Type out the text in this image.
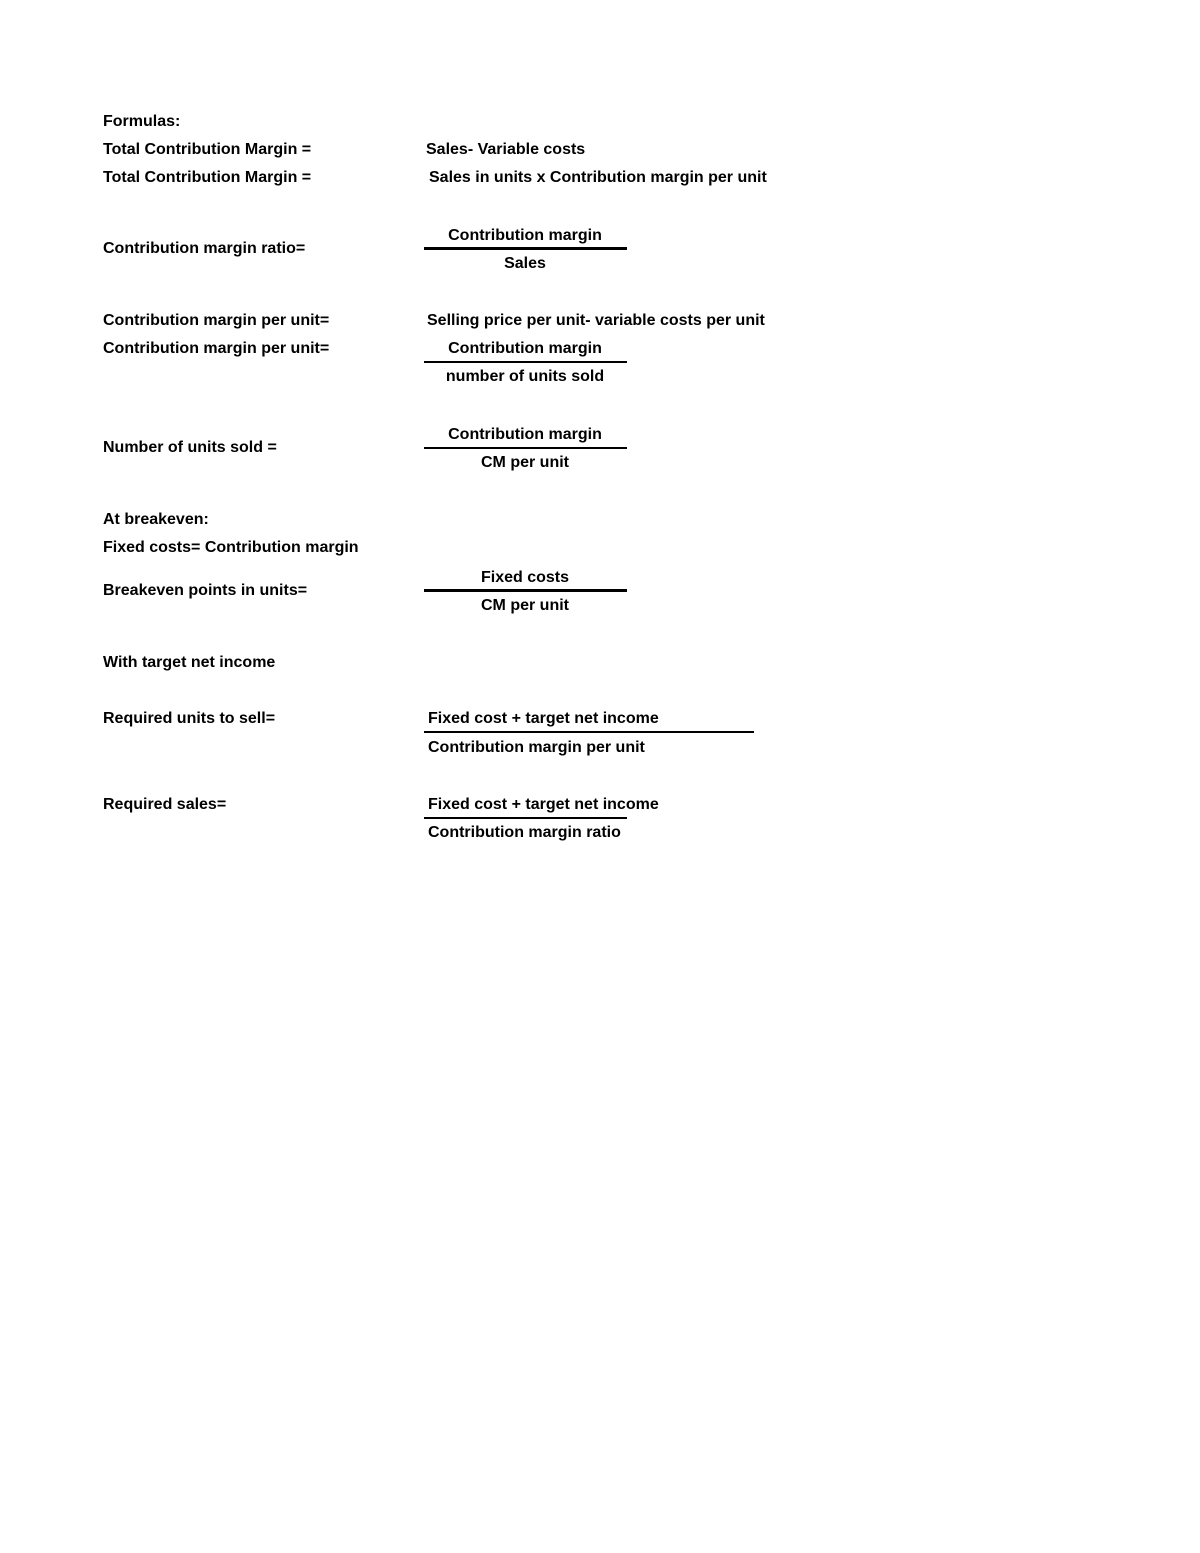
Formulas:
Total Contribution Margin =	Sales- Variable costs
Total Contribution Margin =	Sales in units x Contribution margin per unit
Contribution margin ratio=
Contribution margin
Sales
Contribution margin per unit=	Selling price per unit- variable costs per unit
Contribution margin per unit=	Contribution margin
number of units sold
Number of units sold =
Contribution margin
CM per unit
At breakeven:
Fixed costs= Contribution margin
Breakeven points in units=
Fixed costs
CM per unit
With target net income
Required units to sell=	Fixed cost + target net income
Contribution margin per unit
Required sales=	Fixed cost + target net income
Contribution margin ratio
